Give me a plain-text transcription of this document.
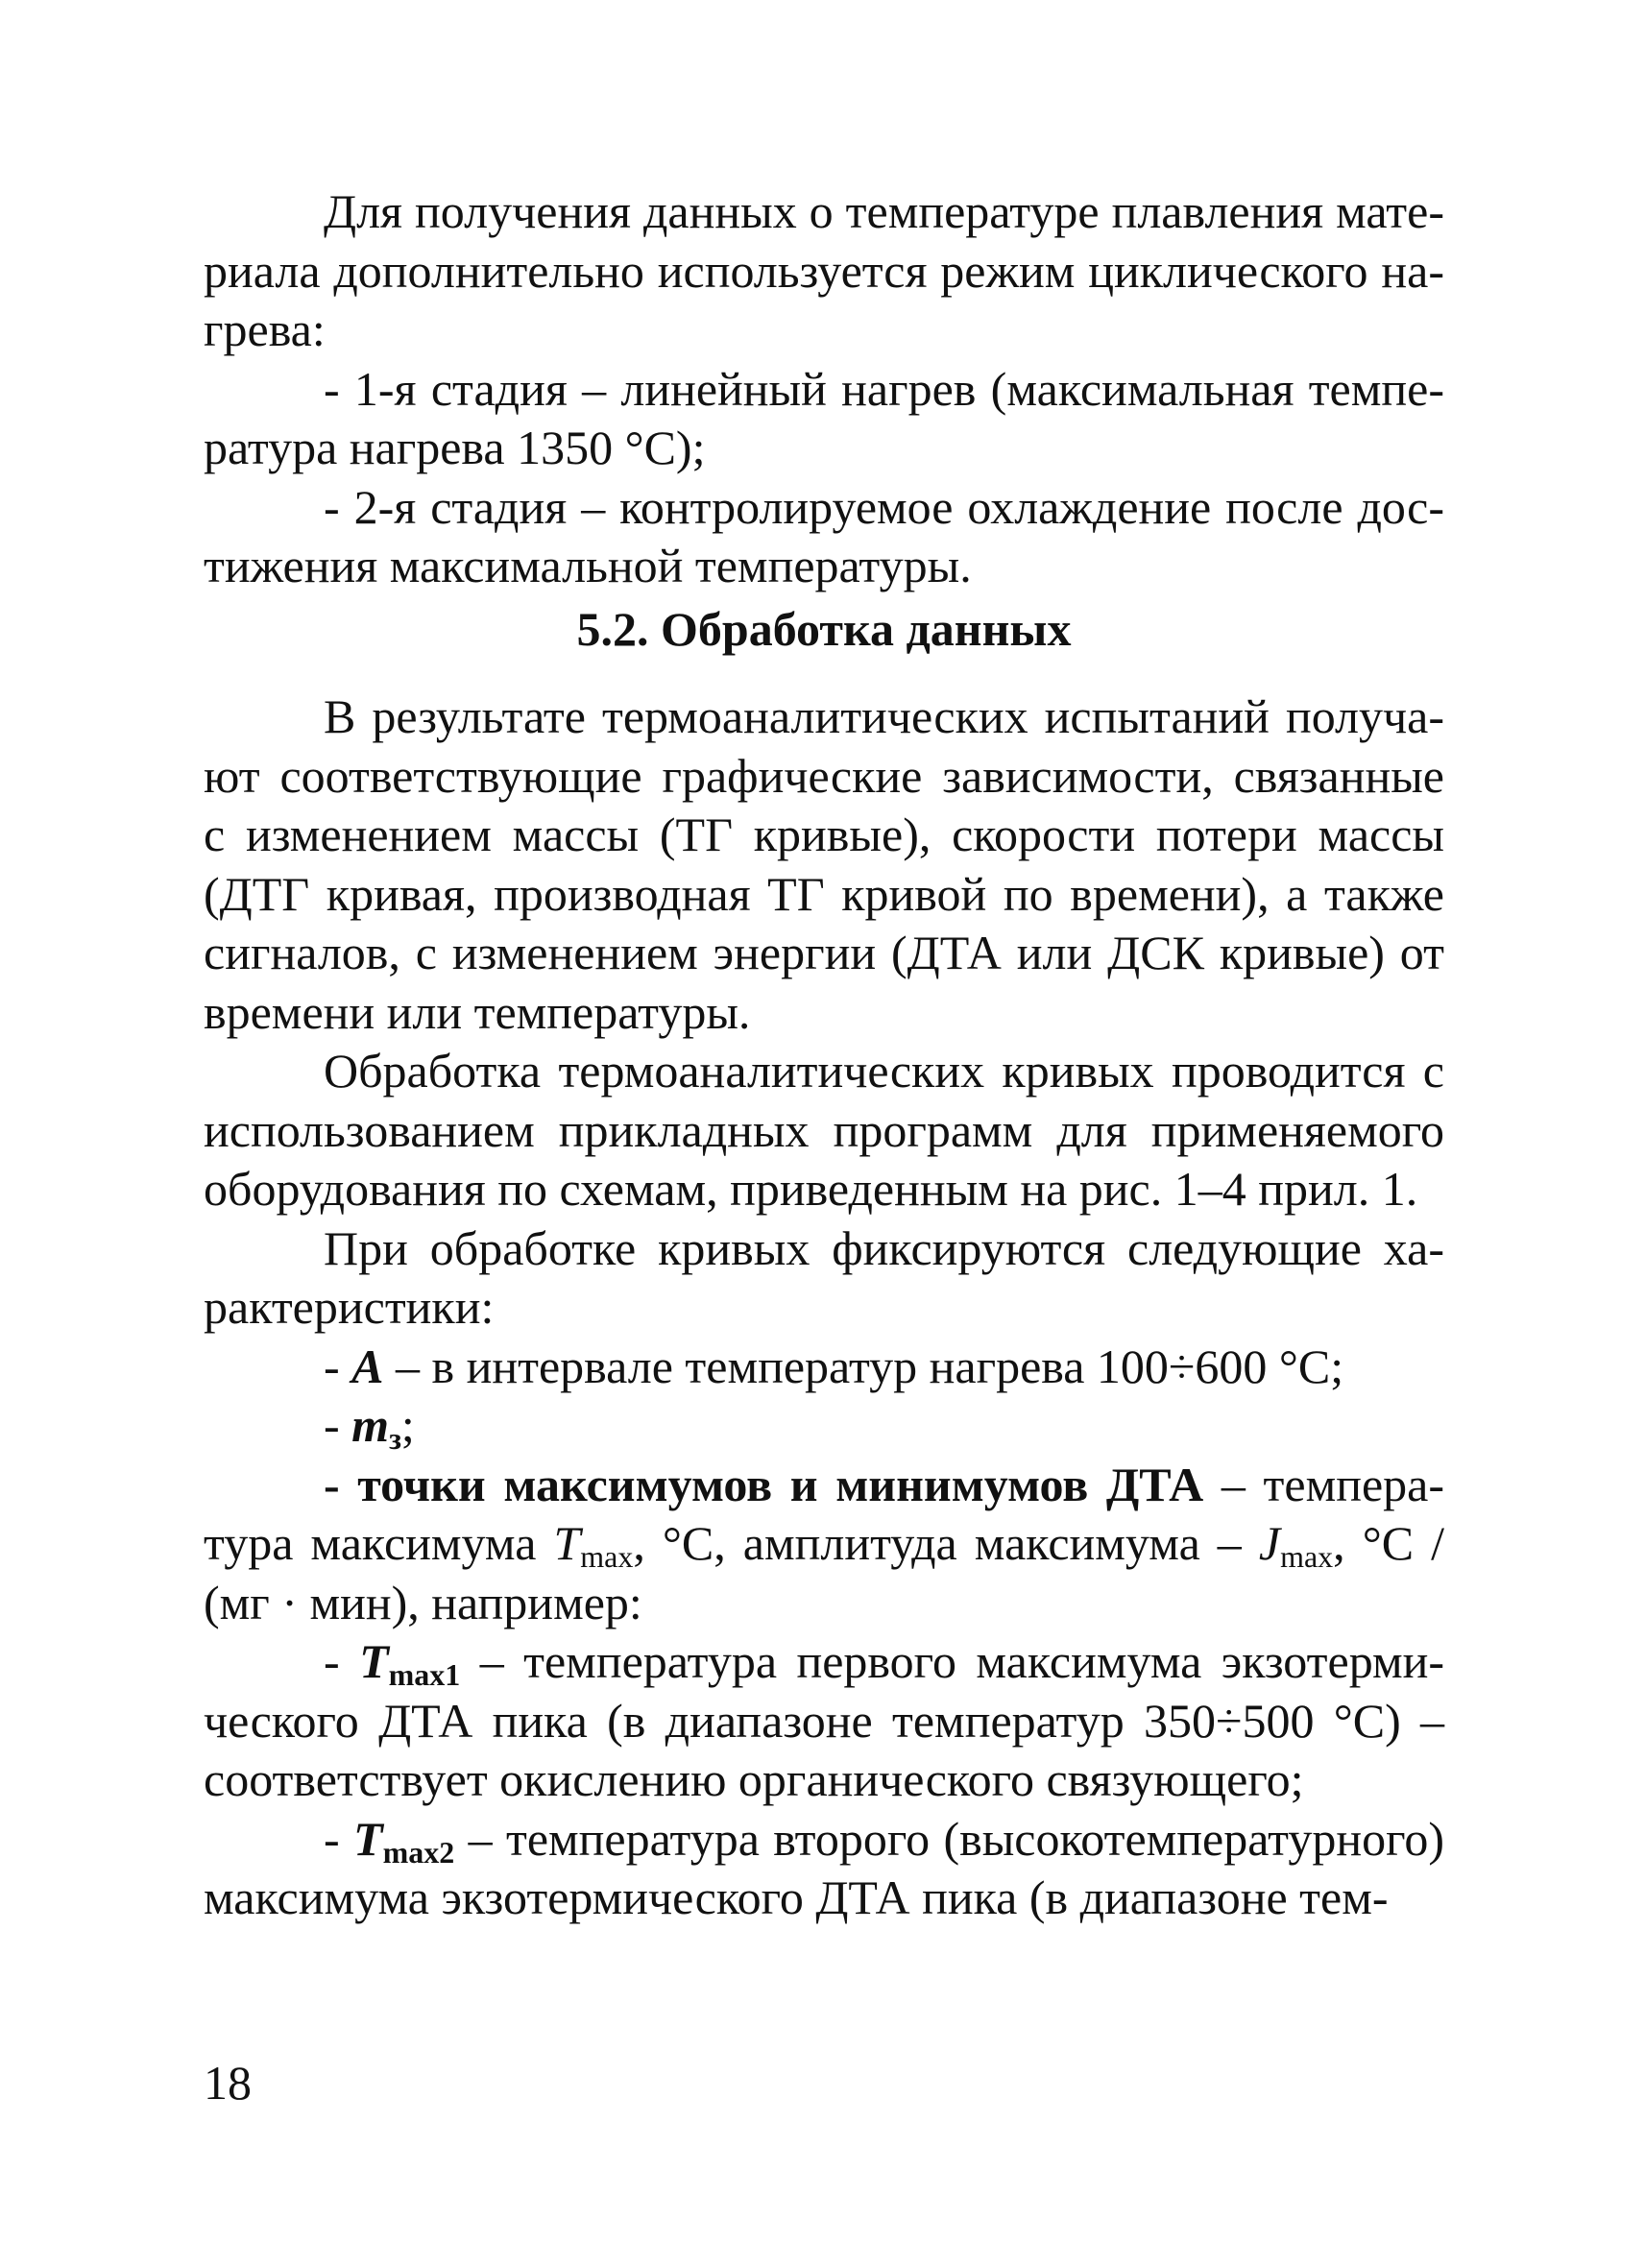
Для получения данных о температуре плавления материала дополнительно используется режим циклического нагрева:

- 1-я стадия – линейный нагрев (максимальная температура нагрева 1350 °С);

- 2-я стадия – контролируемое охлаждение после достижения максимальной температуры.

5.2. Обработка данных

В результате термоаналитических испытаний получают соответствующие графические зависимости, связанные с изменением массы (ТГ кривые), скорости потери массы (ДТГ кривая, производная ТГ кривой по времени), а также сигналов, с изменением энергии (ДТА или ДСК кривые) от времени или температуры.

Обработка термоаналитических кривых проводится с использованием прикладных программ для применяемого оборудования по схемам, приведенным на рис. 1–4 прил. 1.

При обработке кривых фиксируются следующие характеристики:

- A – в интервале температур нагрева 100÷600 °С;

- $m_з$;

- точки максимумов и минимумов ДТА – температура максимума $T_{max}$, °С, амплитуда максимума – $J_{max}$, °С / (мг · мин), например:

- $T_{max1}$ – температура первого максимума экзотермического ДТА пика (в диапазоне температур 350÷500 °С) – соответствует окислению органического связующего;

- $T_{max2}$ – температура второго (высокотемпературного) максимума экзотермического ДТА пика (в диапазоне тем-

18
